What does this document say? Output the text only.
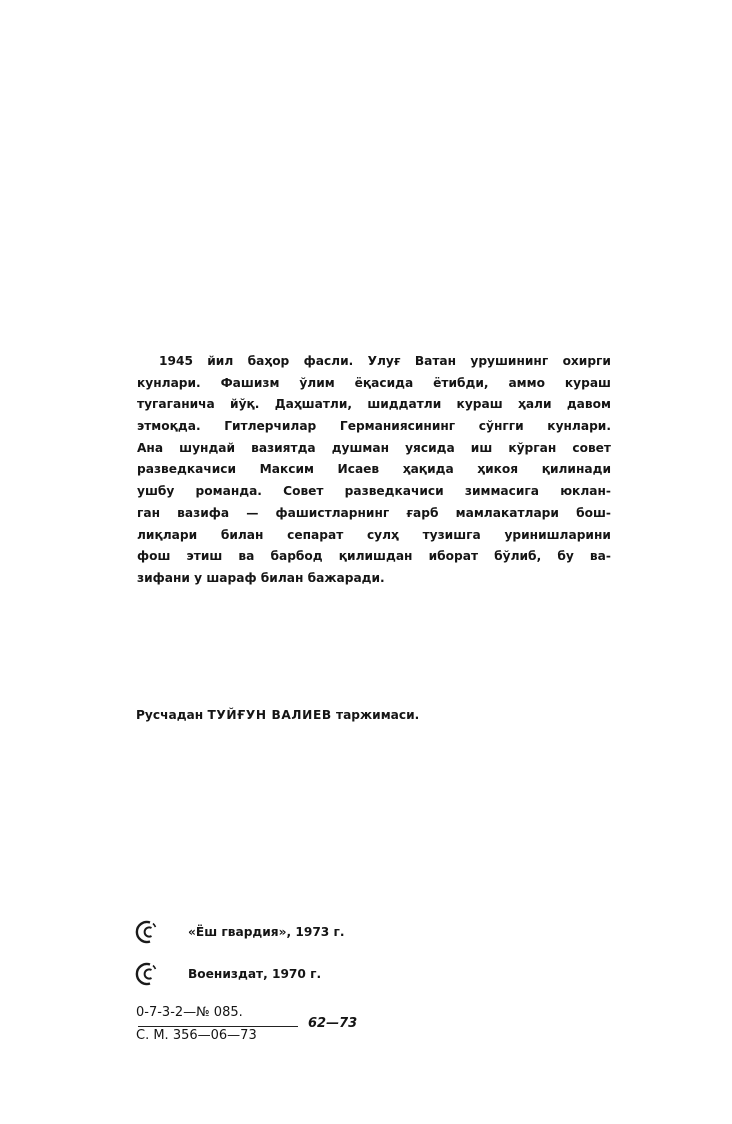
1945 йил баҳор фасли. Улуғ Ватан урушининг охирги
кунлари. Фашизм ўлим ёқасида ётибди, аммо кураш
тугаганича йўқ. Даҳшатли, шиддатли кураш ҳали давом
этмоқда. Гитлерчилар Германиясининг сўнгги кунлари.
Ана шундай вазиятда душман уясида иш кўрган совет
разведкачиси Максим Исаев ҳақида ҳикоя қилинади
ушбу романда. Совет разведкачиси зиммасига юклан-
ган вазифа — фашистларнинг ғарб мамлакатлари бош-
лиқлари билан сепарат сулҳ тузишга уринишларини
фош этиш ва барбод қилишдан иборат бўлиб, бу ва-
зифани у шараф билан бажаради.
Русчадан ТУЙҒУН ВАЛИЕВ таржимаси.
«Ёш гвардия», 1973 г.
Воениздат, 1970 г.
0-7-3-2—№ 085.
С. М. 356—06—73
62—73
